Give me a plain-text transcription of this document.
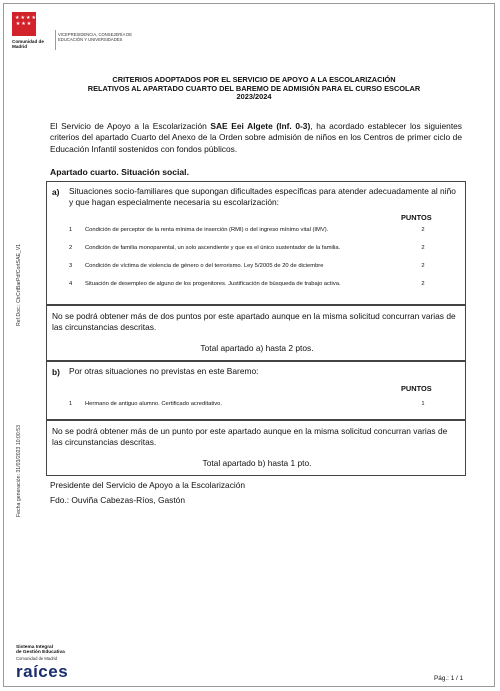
★★★★
★★★
Comunidad de Madrid
VICEPRESIDENCIA, CONSEJERÍA DE EDUCACIÓN Y UNIVERSIDADES
CRITERIOS ADOPTADOS POR EL SERVICIO DE APOYO A LA ESCOLARIZACIÓN
RELATIVOS AL APARTADO CUARTO DEL BAREMO DE ADMISIÓN PARA EL CURSO ESCOLAR
2023/2024
El Servicio de Apoyo a la Escolarización SAE Eei Algete (Inf. 0-3), ha acordado establecer los siguientes criterios del apartado Cuarto del Anexo de la Orden sobre admisión de niños en los Centros de primer ciclo de Educación Infantil sostenidos con fondos públicos.
Apartado cuarto. Situación social.
a) Situaciones socio-familiares que supongan dificultades específicas para atender adecuadamente al niño y que hagan especialmente necesaria su escolarización:
PUNTOS
1 Condición de perceptor de la renta mínima de inserción (RMI) o del ingreso mínimo vital (IMV).	2
2 Condición de familia monoparental, un solo ascendiente y que es el único sustentador de la familia.	2
3 Condición de víctima de violencia de género o del terrorismo. Ley 5/2005 de 20 de diciembre	2
4 Situación de desempleo de alguno de los progenitores. Justificación de búsqueda de trabajo activa.	2
No se podrá obtener más de dos puntos por este apartado aunque en la misma solicitud concurran varias de las circunstancias descritas.
Total apartado a) hasta 2 ptos.
b) Por otras situaciones no previstas en este Baremo:
PUNTOS
1 Hermano de antiguo alumno. Certificado acreditativo.	1
No se podrá obtener más de un punto por este apartado aunque en la misma solicitud concurran varias de las circunstancias descritas.
Total apartado b) hasta 1 pto.
Presidente del Servicio de Apoyo a la Escolarización
Fdo.: Ouviña Cabezas-Ríos, Gastón
Ref.Doc.: CtrCrtBarPdfCortSAE_V1
Fecha generación: 31/03/2023 10:00:53
Sistema Integral
de Gestión Educativa
Comunidad de Madrid
raíces	Pág.: 1 / 1
